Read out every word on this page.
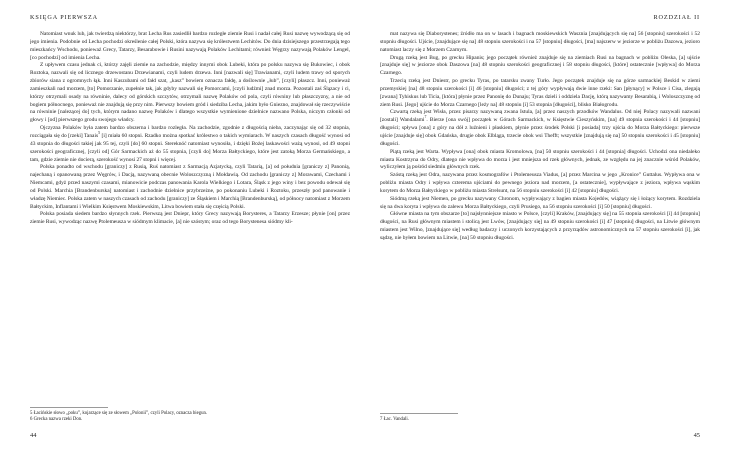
KSIĘGA PIERWSZA	ROZDZIAŁ II

Natomiast wnuk lub, jak twierdzą niektórzy, brat Lecha Rus zasiedlił bardzo rozległe ziemie Rusi i nadał całej Rusi nazwę wywodzącą się od jego imienia. Podobnie od Lecha pochodzi określenie całej Polski, która nazywa się królestwem Lechitów. Do dnia dzisiejszego przestrzegają tego mieszkańcy Wschodu, ponieważ Grecy, Tatarzy, Besarabowie i Rusini nazywają Polaków Lechitami; również Węgrzy nazywają Polaków Lengel, [co pochodzi] od imienia Lecha.

Z upływem czasu jednak ci, którzy zajęli ziemie na zachodzie, między innymi obok Lubeki, która po polsku nazywa się Bukowiec, i obok Roztoka, nazwali się od licznego drzewostanu Drzewianami, czyli ludem drzewa. Inni [nazwali się] Trawianami, czyli ludem trawy od sporych zbiorów siana z ogromnych łąk. Inni Kaszubami od fałd szat, „kasz” bowiem oznacza fałdę, a doślownie „łub”, [czyli] płaszcz. Inni, ponieważ zamieszkali nad morzem, [to] Pomorzanie, zupełnie tak, jak gdyby nazwali się Pomorcami, [czyli ludźmi] znad morza. Pozostali zaś Ślązacy i ci, którzy otrzymali osady na równinie, dalecy od górskich szczytów, otrzymali nazwę Polaków od pola, czyli równiny lub płaszczyzny, a nie od bogiem północnego, ponieważ nie znajdują się przy nim. Pierwszy bowiem gród i siedziba Lecha, jakim było Gniezno, znajdował się rzeczywiście na równinie [nalezącej do] tych, którym nadano nazwę Polaków i dlatego wszystkie wymienione dzielnice nazwano Polska, niczym członki od głowy i [od] pierwszego grodu swojego władcy.

Ojczyzna Polaków była zatem bardzo obszerna i bardzo rozległa. Na zachodzie, zgodnie z długością nieba, zaczynając się od 32 stopnia, rozciągała się do [rzeki] Tanais$^5$ [i] miała 60 stopni. Rzadko można spotkać królestwo o takich wymiarach. W naszych czasach długość wynosi od 43 stopnia do długości takiej jak 95 tej, czyli [do] 60 stopni. Stereknóć natomiast wynosiła, i dzięki Bożej laskawości ważą wynosi, od 49 stopni szerokości geograficznej, [czyli od] Gór Sarmackich aż do 55 stopnia, [czyli do] Morza Bałtyckiego, które jest zatoką Morza Germańskiego, a tam, gdzie ziemie nie docierą, szerokość wynosi 27 stopni i więcej.

Polska ponadto od wschodu [graniczy] z Rusią, Ruś natomiast z Sarmacją Azjatycką, czyli Tatarią, [a] od południa [graniczy z] Panonią, najechaną i opanowaną przez Węgrów, i Dacją, nazywaną obecnie Woloszczyzną i Mołdawią. Od zachodu [graniczy z] Morawami, Czechami i Niemcami, gdyż przed naszymi czasami, mianowicie podczas panowania Karola Wielkiego i Lotara, Śląsk z jego winy i bez powodu odewał się od Polski. Marchia [Brandenburska] natomiast i zachodnie dzielnice przybrzeżne, po pokonaniu Lubeki i Roztoku, przeszły pod panowanie i władzę Niemiec. Polska zatem w naszych czasach od zachodu [graniczy] ze Śląskiem i Marchią [Brandenburską], od północy natomiast z Morzem Bałtyckim, Inflantami i Wielkim Księstwem Moskiewskim, Litwa bowiem stała się częścią Polski.

Polska posiada siedem bardzo słynnych rzek. Pierwszą jest Dniepr, który Grecy nazywają Borysteres, a Tatarzy Erzesze; płynie [on] przez ziemie Rusi, wywodząc nazwę Ptolemeusza w siódmym klimacie, [a] nie szóstym; oraz od tego Borystenesa siódmy kli-

5 Łacińskie słowo „poku”, kojarzące się ze słowem „Polonii”, czyli Polacy, oznacza biegun.

6 Grecka nazwa rzeki Don.

44

mat nazywa się Diaborystenes; źródło ma on w lasach i bagnach moskiewskich Wasznia [znajdujących się na] 56 [stopniu] szerokości i 52 stopniu długości. Ujście, [znajdujące się na] 48 stopniu szerokości i na 57 [stopniu] długości, [ma] najszerw w jeziorze w pobliżu Dazowa, jezioro natomiast laczy się z Morzem Czarnym.

Drugą rzeką jest Bug, po grecku Hipanis; jego początek również znajduje się na ziemiach Rusi na bagnach w pobliżu Oleska, [a] ujście [znajduje się] w jeziorze obok Daszowa [na] 48 stopniu szerokości geograficznej i 58 stopniu długości, [które] ostatecznie [wpływa] do Morza Czarnego.

Trzecią rzeką jest Dniestr, po grecku Tyras, po tatarsku zwany Turło. Jego początek znajduje się na górze sarmackiej Beskid w ziemi przemyskiej [na] 48 stopniu szerokości [i] 46 [stopniu] długości; z tej góry wypływają dwie inne rzeki: San [płynący] w Polsce i Cisa, zlegają [zwana] Tyhiskus lub Ticia, [która] płynie przez Panonię do Dunaju; Tyras dzieli i oddziela Dację, którą nazywamy Besarabią, i Woloszczyznę od ziem Rusi. [Jego] ujście do Morza Czarnego [leży na] 48 stopniu [i] 53 stopnia [długości], blisko Białogrodu.

Czwartą rzeką jest Wisła, przez pisarzy nazywaną zwana Istula, [a] przez naszych przodków Wandalus. Od niej Polacy nazywali nazwani [zostali] Wandalami$^7$. Bierze [ona swój] początek w Górach Sarmackich, w Księstwie Cieszyńskim, [na] 49 stopnia szerokości i 44 [stopniu] długości; spływa [ona] z góry na dół z luźnieni i płaskiem, płynie przez środek Polski [i posiada] trzy ujścia do Morza Bałtyckiego: pierwsze ujście [znajduje się] obok Gdańska, drugie obok Elbląga, trzecie obok wsi Thefft; wszystkie [znajdują się na] 50 stopniu szerokości i 45 [stopniu] długości.

Piątą rzeką jest Warta. Wypływa [ona] obok miasta Kromolowa, [na] 50 stopniu szerokości i 44 [stopnia] długości. Uchodzi ona niedaleko miasta Kostrzyna do Odry, dlatego nie wpływa do morza i jest mniejsza od rzek głównych, jednak, ze względu na jej znacznie wśród Polaków, wyliczyłem ją pośród siedmiu głównych rzek.

Szóstą rzeką jest Odra, nazywana przez kosmografów i Ptolemeusza Viadus, [a] przez Marcina w jego „Kronice” Guttalus. Wypływa ona w pobliżu miasta Odry i wpływa czterema ujściami do pewnego jeziora nad morzem, [a ostatecznie], wypływające z jeziora, wpływa wąskim korytem do Morza Bałtyckiego w pobliżu miasta Strelsunt, na 56 stopniu szerokości [i] 42 [stopniu] długości.

Siódmą rzeką jest Niemen, po grecku nazywany Chronom, wypływający z bagien miasta Kojedów, wiążący się i łożący korytem. Rozdziela się na dwa koryta i wpływa do zalewu Morza Bałtyckiego, czyli Prusiego, na 56 stopniu szerokości [i] 50 [stopniu] długości.

Główne miasta na tym obszarze [to] najsłynniejsze miasto w Polsce, [czyli] Kraków, [znajdujący się] na 55 stopnia szerokości [i] 44 [stopniu] długości, na Rusi głównym miastem i stolicą jest Lwów, [znajdujący się] na 49 stopniu szerokości [i] 47 [stopniu] długości, na Litwie głównym miastem jest Wilno, [znajdujące się] według badaczy i uczonych korzystających z przyrządów astronomicznych na 57 stopniu szerokości [i], jak sądzę, nie byłem bowiem na Litwie, [na] 50 stopniu długości.

7 Łac. Vandali.

45
